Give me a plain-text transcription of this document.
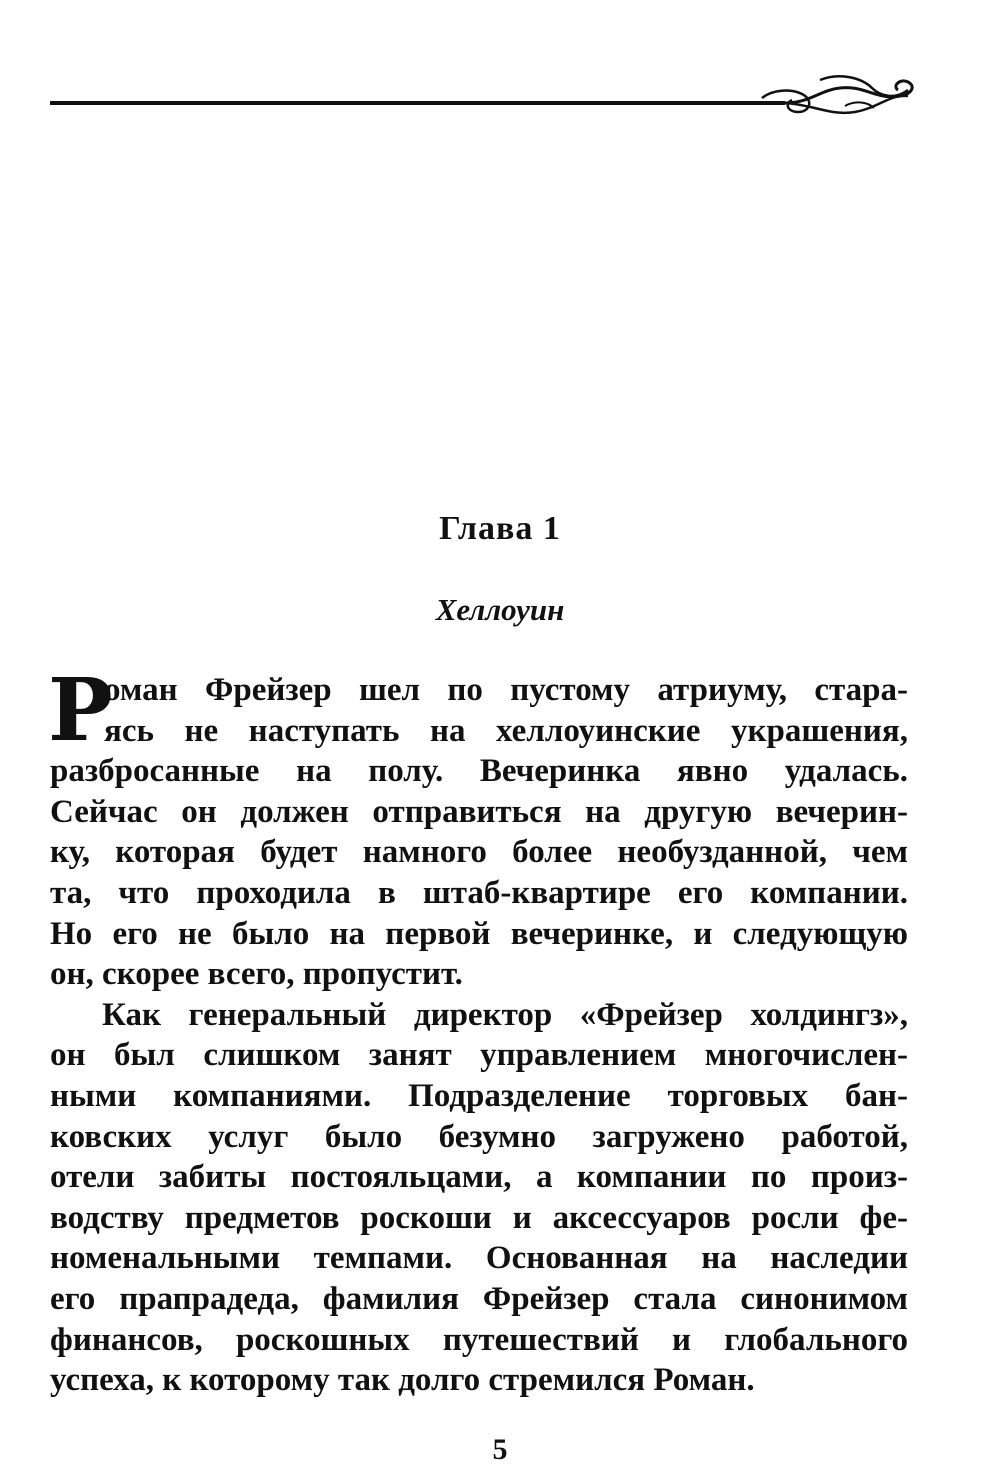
Глава 1
Хеллоуин
Р
оман Фрейзер шел по пустому атриуму, стара-
ясь не наступать на хеллоуинские украшения,
разбросанные на полу. Вечеринка явно удалась.
Сейчас он должен отправиться на другую вечерин-
ку, которая будет намного более необузданной, чем
та, что проходила в штаб-квартире его компании.
Но его не было на первой вечеринке, и следующую
он, скорее всего, пропустит.
Как генеральный директор «Фрейзер холдингз»,
он был слишком занят управлением многочислен-
ными компаниями. Подразделение торговых бан-
ковских услуг было безумно загружено работой,
отели забиты постояльцами, а компании по произ-
водству предметов роскоши и аксессуаров росли фе-
номенальными темпами. Основанная на наследии
его прапрадеда, фамилия Фрейзер стала синонимом
финансов, роскошных путешествий и глобального
успеха, к которому так долго стремился Роман.
5
